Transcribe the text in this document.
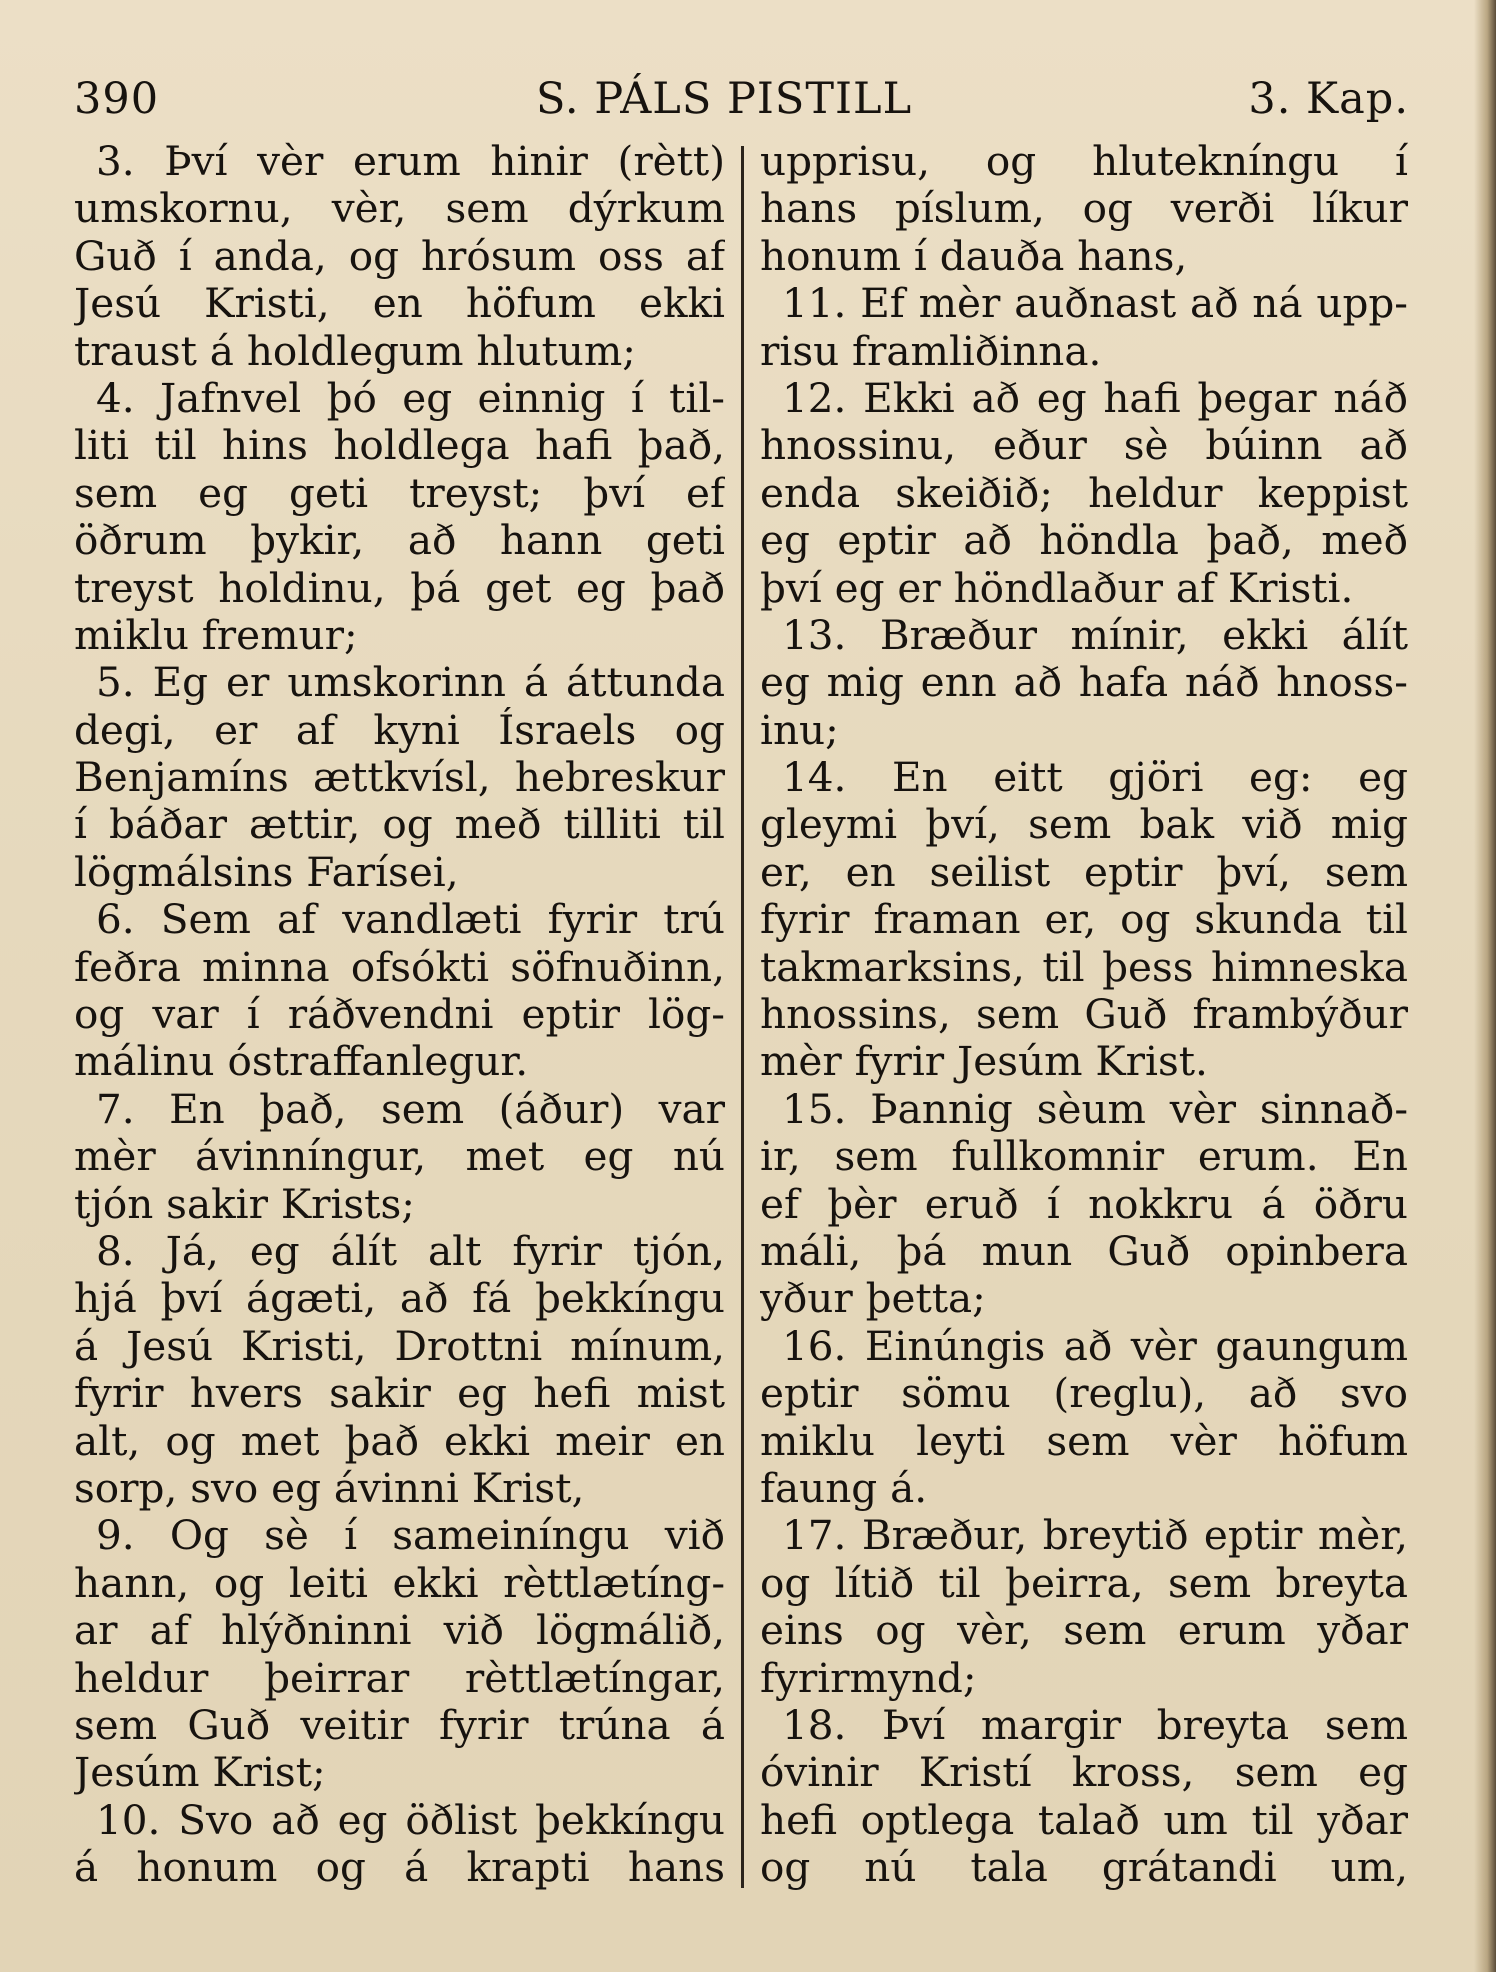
390	S. PÁLS PISTILL	3. Kap.
3. Því vèr erum hinir (rètt)
umskornu, vèr, sem dýrkum
Guð í anda, og hrósum oss af
Jesú Kristi, en höfum ekki
traust á holdlegum hlutum;
4. Jafnvel þó eg einnig í til-
liti til hins holdlega hafi það,
sem eg geti treyst; því ef
öðrum þykir, að hann geti
treyst holdinu, þá get eg það
miklu fremur;
5. Eg er umskorinn á áttunda
degi, er af kyni Ísraels og
Benjamíns ættkvísl, hebreskur
í báðar ættir, og með tilliti til
lögmálsins Farísei,
6. Sem af vandlæti fyrir trú
feðra minna ofsókti söfnuðinn,
og var í ráðvendni eptir lög-
málinu óstraffanlegur.
7. En það, sem (áður) var
mèr ávinníngur, met eg nú
tjón sakir Krists;
8. Já, eg álít alt fyrir tjón,
hjá því ágæti, að fá þekkíngu
á Jesú Kristi, Drottni mínum,
fyrir hvers sakir eg hefi mist
alt, og met það ekki meir en
sorp, svo eg ávinni Krist,
9. Og sè í sameiníngu við
hann, og leiti ekki rèttlætíng-
ar af hlýðninni við lögmálið,
heldur þeirrar rèttlætíngar,
sem Guð veitir fyrir trúna á
Jesúm Krist;
10. Svo að eg öðlist þekkíngu
á honum og á krapti hans
upprisu, og hlutekníngu í
hans píslum, og verði líkur
honum í dauða hans,
11. Ef mèr auðnast að ná upp-
risu framliðinna.
12. Ekki að eg hafi þegar náð
hnossinu, eður sè búinn að
enda skeiðið; heldur keppist
eg eptir að höndla það, með
því eg er höndlaður af Kristi.
13. Bræður mínir, ekki álít
eg mig enn að hafa náð hnoss-
inu;
14. En eitt gjöri eg: eg
gleymi því, sem bak við mig
er, en seilist eptir því, sem
fyrir framan er, og skunda til
takmarksins, til þess himneska
hnossins, sem Guð frambýður
mèr fyrir Jesúm Krist.
15. Þannig sèum vèr sinnað-
ir, sem fullkomnir erum. En
ef þèr eruð í nokkru á öðru
máli, þá mun Guð opinbera
yður þetta;
16. Einúngis að vèr gaungum
eptir sömu (reglu), að svo
miklu leyti sem vèr höfum
faung á.
17. Bræður, breytið eptir mèr,
og lítið til þeirra, sem breyta
eins og vèr, sem erum yðar
fyrirmynd;
18. Því margir breyta sem
óvinir Kristí kross, sem eg
hefi optlega talað um til yðar
og nú tala grátandi um,
